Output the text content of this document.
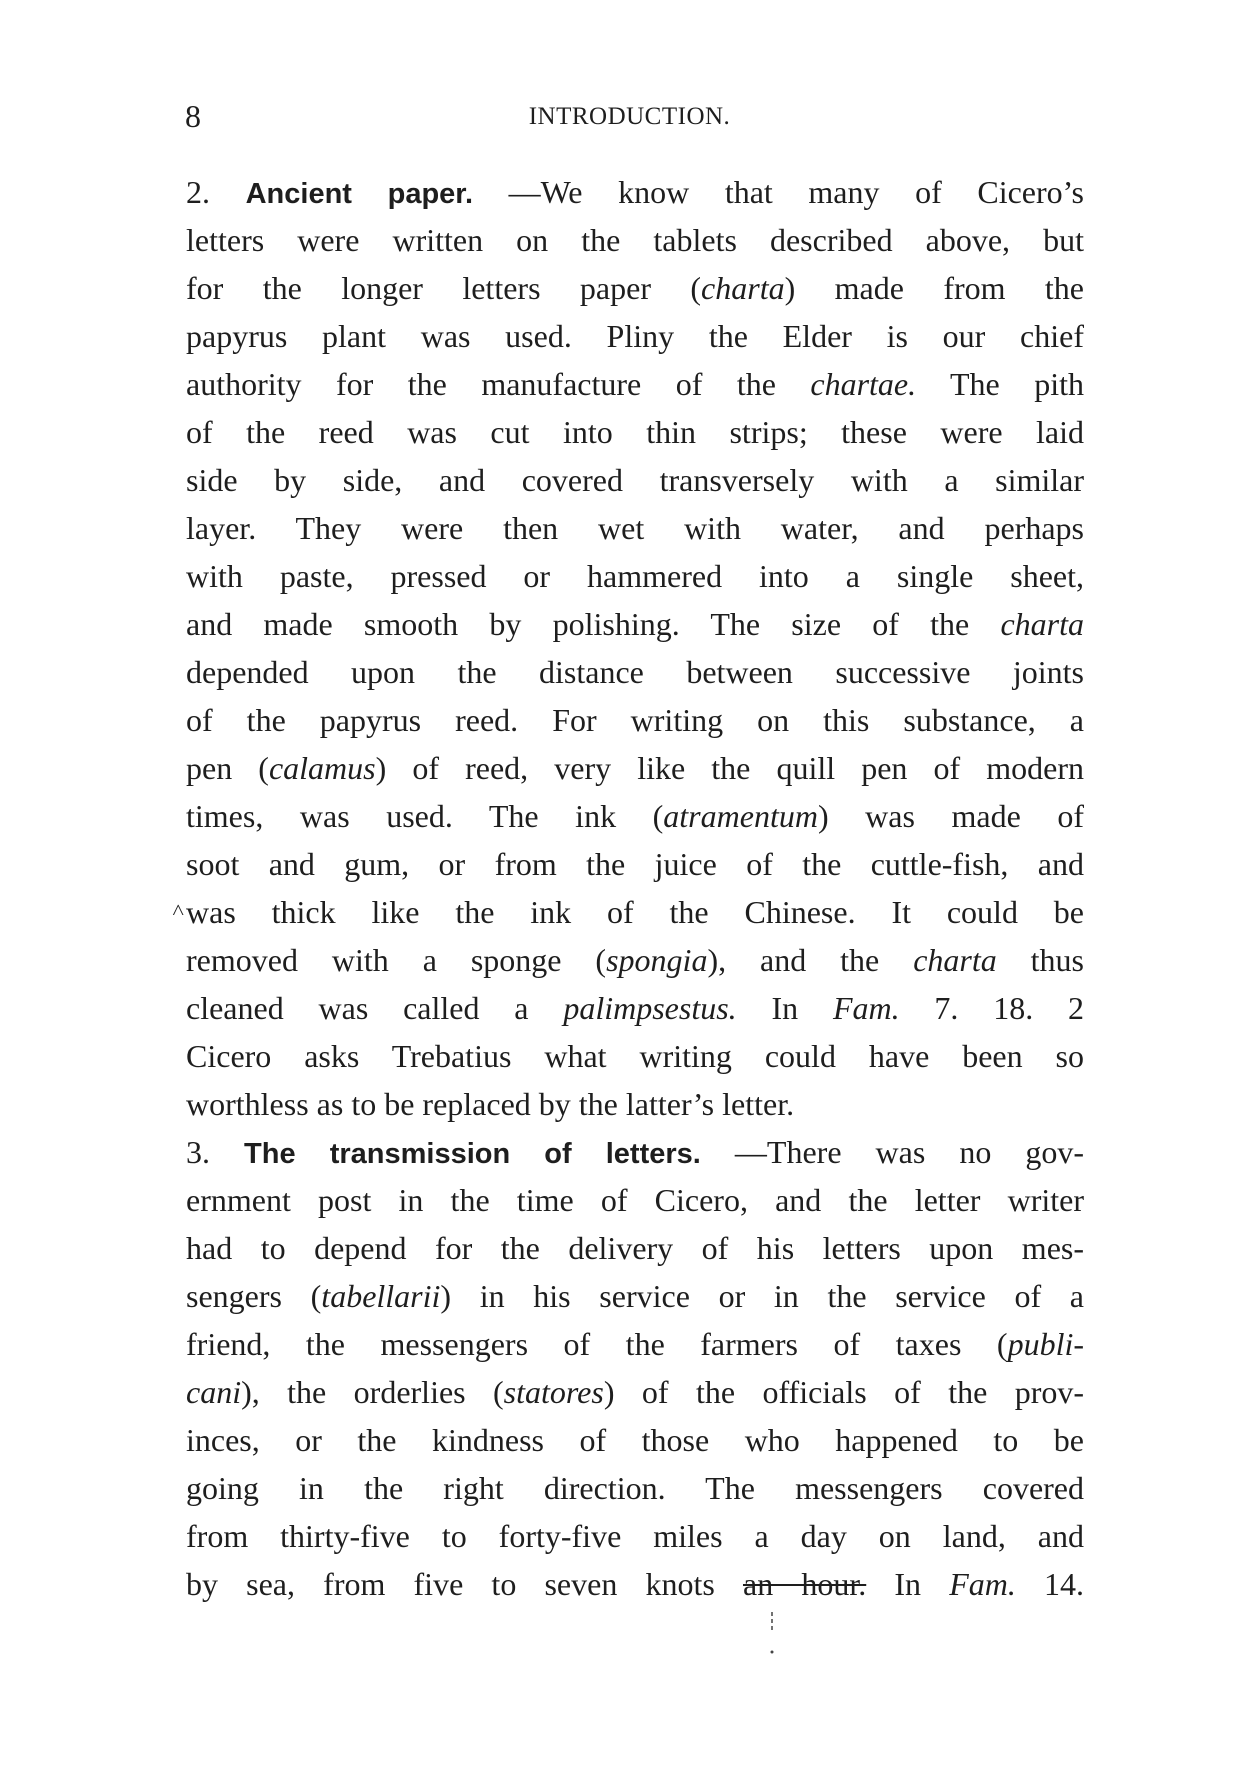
8	INTRODUCTION.
2. Ancient paper. —We know that many of Cicero’s
letters were written on the tablets described above, but
for the longer letters paper (charta) made from the
papyrus plant was used. Pliny the Elder is our chief
authority for the manufacture of the chartae. The pith
of the reed was cut into thin strips; these were laid
side by side, and covered transversely with a similar
layer. They were then wet with water, and perhaps
with paste, pressed or hammered into a single sheet,
and made smooth by polishing. The size of the charta
depended upon the distance between successive joints
of the papyrus reed. For writing on this substance, a
pen (calamus) of reed, very like the quill pen of modern
times, was used. The ink (atramentum) was made of
soot and gum, or from the juice of the cuttle-fish, and
was thick like the ink of the Chinese. It could be
removed with a sponge (spongia), and the charta thus
cleaned was called a palimpsestus. In Fam. 7. 18. 2
Cicero asks Trebatius what writing could have been so
worthless as to be replaced by the latter’s letter.
3. The transmission of letters. —There was no gov-
ernment post in the time of Cicero, and the letter writer
had to depend for the delivery of his letters upon mes-
sengers (tabellarii) in his service or in the service of a
friend, the messengers of the farmers of taxes (publi-
cani), the orderlies (statores) of the officials of the prov-
inces, or the kindness of those who happened to be
going in the right direction. The messengers covered
from thirty-five to forty-five miles a day on land, and
by sea, from five to seven knots an hour. In Fam. 14.
˄
